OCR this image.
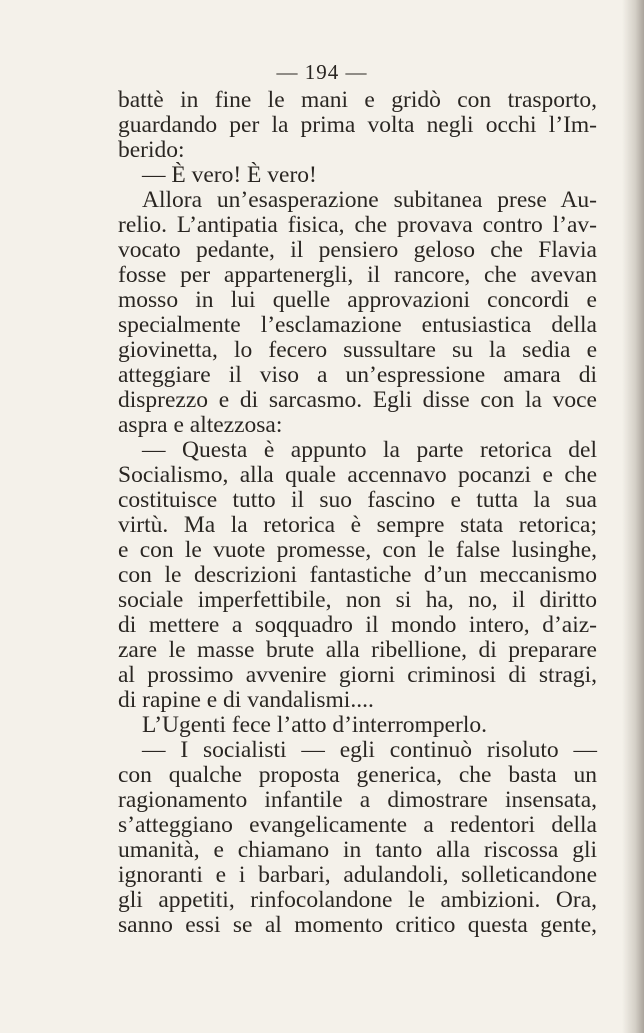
— 194 —
battè in fine le mani e gridò con trasporto,
guardando per la prima volta negli occhi l’Im-
berido:
— È vero! È vero!
Allora un’esasperazione subitanea prese Au-
relio. L’antipatia fisica, che provava contro l’av-
vocato pedante, il pensiero geloso che Flavia
fosse per appartenergli, il rancore, che avevan
mosso in lui quelle approvazioni concordi e
specialmente l’esclamazione entusiastica della
giovinetta, lo fecero sussultare su la sedia e
atteggiare il viso a un’espressione amara di
disprezzo e di sarcasmo. Egli disse con la voce
aspra e altezzosa:
— Questa è appunto la parte retorica del
Socialismo, alla quale accennavo pocanzi e che
costituisce tutto il suo fascino e tutta la sua
virtù. Ma la retorica è sempre stata retorica;
e con le vuote promesse, con le false lusinghe,
con le descrizioni fantastiche d’un meccanismo
sociale imperfettibile, non si ha, no, il diritto
di mettere a soqquadro il mondo intero, d’aiz-
zare le masse brute alla ribellione, di preparare
al prossimo avvenire giorni criminosi di stragi,
di rapine e di vandalismi....
L’Ugenti fece l’atto d’interromperlo.
— I socialisti — egli continuò risoluto —
con qualche proposta generica, che basta un
ragionamento infantile a dimostrare insensata,
s’atteggiano evangelicamente a redentori della
umanità, e chiamano in tanto alla riscossa gli
ignoranti e i barbari, adulandoli, solleticandone
gli appetiti, rinfocolandone le ambizioni. Ora,
sanno essi se al momento critico questa gente,
